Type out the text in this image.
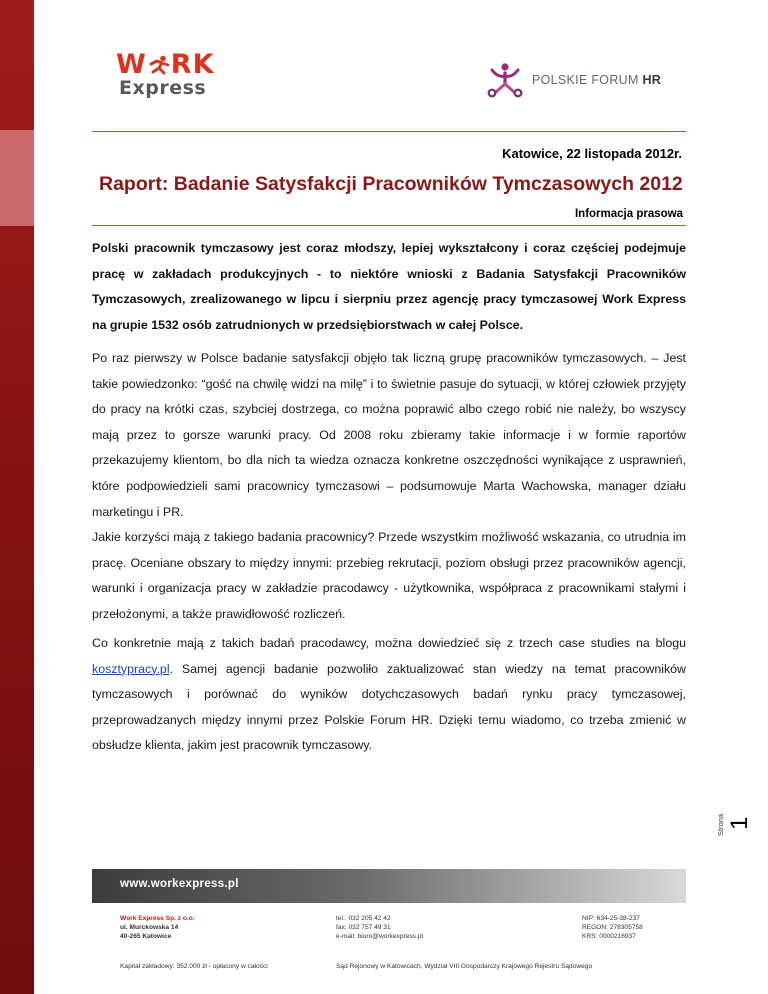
W RK
Express	POLSKIE FORUM HR
Katowice, 22 listopada 2012r.
Raport: Badanie Satysfakcji Pracowników Tymczasowych 2012
Informacja prasowa

Polski pracownik tymczasowy jest coraz młodszy, lepiej wykształcony i coraz częściej podejmuje pracę w zakładach produkcyjnych - to niektóre wnioski z Badania Satysfakcji Pracowników Tymczasowych, zrealizowanego w lipcu i sierpniu przez agencję pracy tymczasowej Work Express na grupie 1532 osób zatrudnionych w przedsiębiorstwach w całej Polsce.

Po raz pierwszy w Polsce badanie satysfakcji objęło tak liczną grupę pracowników tymczasowych. – Jest takie powiedzonko: “gość na chwilę widzi na milę” i to świetnie pasuje do sytuacji, w której człowiek przyjęty do pracy na krótki czas, szybciej dostrzega, co można poprawić albo czego robić nie należy, bo wszyscy mają przez to gorsze warunki pracy. Od 2008 roku zbieramy takie informacje i w formie raportów przekazujemy klientom, bo dla nich ta wiedza oznacza konkretne oszczędności wynikające z usprawnień, które podpowiedzieli sami pracownicy tymczasowi – podsumowuje Marta Wachowska, manager działu marketingu i PR.

Jakie korzyści mają z takiego badania pracownicy? Przede wszystkim możliwość wskazania, co utrudnia im pracę. Oceniane obszary to między innymi: przebieg rekrutacji, poziom obsługi przez pracowników agencji, warunki i organizacja pracy w zakładzie pracodawcy - użytkownika, współpraca z pracownikami stałymi i przełożonymi, a także prawidłowość rozliczeń.

Co konkretnie mają z takich badań pracodawcy, można dowiedzieć się z trzech case studies na blogu kosztypracy.pl. Samej agencji badanie pozwoliło zaktualizować stan wiedzy na temat pracowników tymczasowych i porównać do wyników dotychczasowych badań rynku pracy tymczasowej, przeprowadzanych między innymi przez Polskie Forum HR. Dzięki temu wiadomo, co trzeba zmienić w obsłudze klienta, jakim jest pracownik tymczasowy.

Strona 1
www.workexpress.pl
Work Express Sp. z o.o.
ul. Murckowska 14
40-265 Katowice
tel.: 032 205 42 42
fax: 032 757 49 31
e-mail: biuro@workexpress.pl
NIP: 634-25-38-237
REGON: 278305758
KRS: 0000216937
Kapitał zakładowy: 352.000 zł - opłacony w całości	Sąd Rejonowy w Katowicach, Wydział VIII Gospodarczy Krajowego Rejestru Sądowego
